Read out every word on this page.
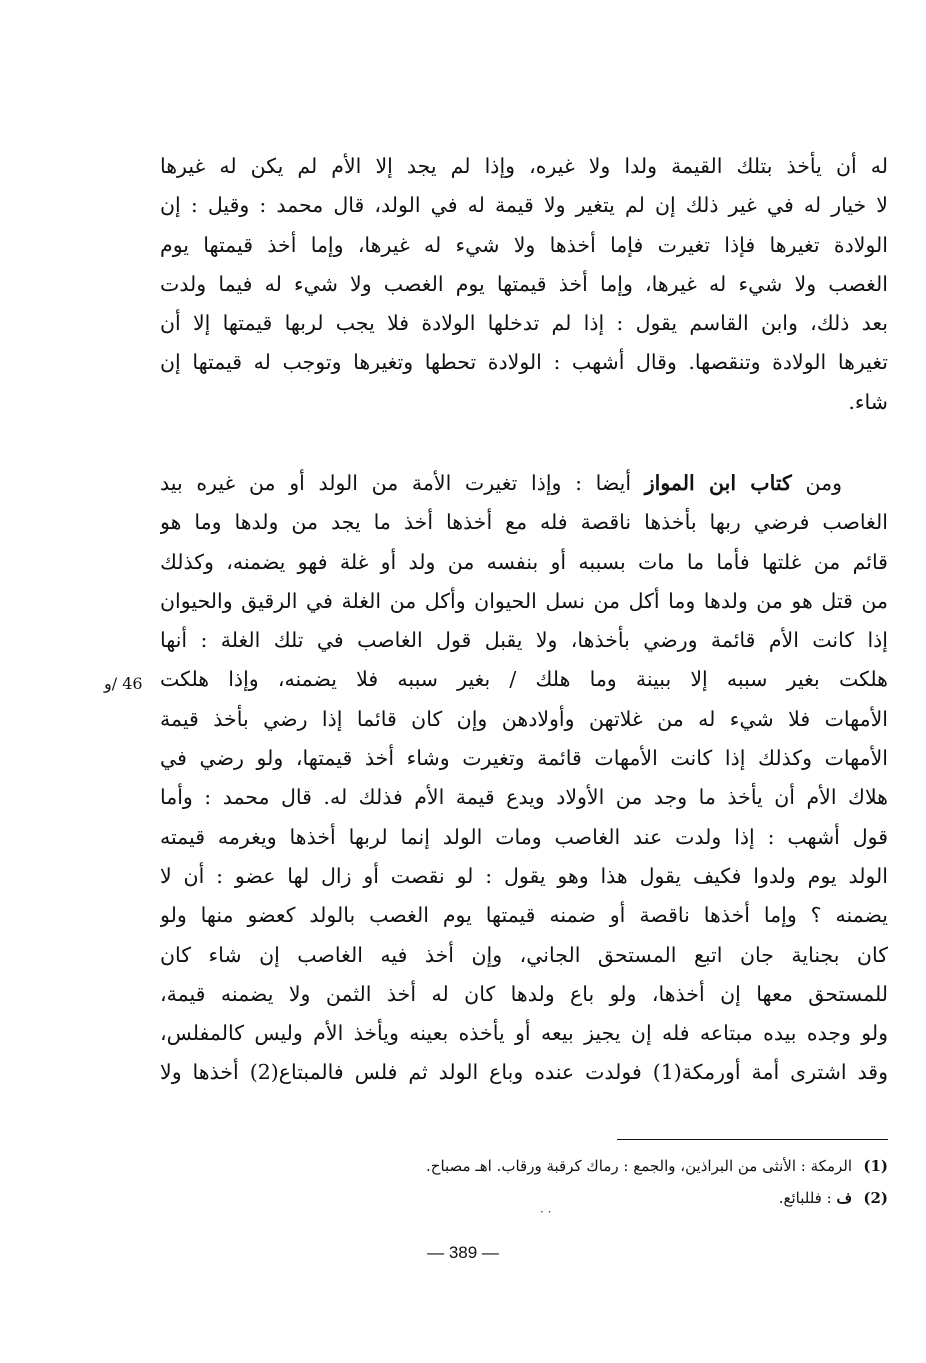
له أن يأخذ بتلك القيمة ولدا ولا غيره، وإذا لم يجد إلا الأم لم يكن له غيرها
لا خيار له في غير ذلك إن لم يتغير ولا قيمة له في الولد، قال محمد : وقيل : إن
الولادة تغيرها فإذا تغيرت فإما أخذها ولا شيء له غيرها، وإما أخذ قيمتها يوم
الغصب ولا شيء له غيرها، وإما أخذ قيمتها يوم الغصب ولا شيء له فيما ولدت
بعد ذلك، وابن القاسم يقول : إذا لم تدخلها الولادة فلا يجب لربها قيمتها إلا أن
تغيرها الولادة وتنقصها. وقال أشهب : الولادة تحطها وتغيرها وتوجب له قيمتها إن
شاء.
ومن كتاب ابن المواز أيضا : وإذا تغيرت الأمة من الولد أو من غيره بيد
الغاصب فرضي ربها بأخذها ناقصة فله مع أخذها أخذ ما يجد من ولدها وما هو
قائم من غلتها فأما ما مات بسببه أو بنفسه من ولد أو غلة فهو يضمنه، وكذلك
من قتل هو من ولدها وما أكل من نسل الحيوان وأكل من الغلة في الرقيق والحيوان
إذا كانت الأم قائمة ورضي بأخذها، ولا يقبل قول الغاصب في تلك الغلة : أنها
هلكت بغير سببه إلا ببينة وما هلك / بغير سببه فلا يضمنه، وإذا هلكت
الأمهات فلا شيء له من غلاتهن وأولادهن وإن كان قائما إذا رضي بأخذ قيمة
الأمهات وكذلك إذا كانت الأمهات قائمة وتغيرت وشاء أخذ قيمتها، ولو رضي في
هلاك الأم أن يأخذ ما وجد من الأولاد ويدع قيمة الأم فذلك له. قال محمد : وأما
قول أشهب : إذا ولدت عند الغاصب ومات الولد إنما لربها أخذها ويغرمه قيمته
الولد يوم ولدوا فكيف يقول هذا وهو يقول : لو نقصت أو زال لها عضو : أن لا
يضمنه ؟ وإما أخذها ناقصة أو ضمنه قيمتها يوم الغصب بالولد كعضو منها ولو
كان بجناية جان اتبع المستحق الجاني، وإن أخذ فيه الغاصب إن شاء كان
للمستحق معها إن أخذها، ولو باع ولدها كان له أخذ الثمن ولا يضمنه قيمة،
ولو وجده بيده مبتاعه فله إن يجيز بيعه أو يأخذه بعينه ويأخذ الأم وليس كالمفلس،
وقد اشترى أمة أورمكة(1) فولدت عنده وباع الولد ثم فلس فالمبتاع(2) أخذها ولا
46 /و
(1)الرمكة : الأنثى من البراذين، والجمع : رماك كرقبة ورقاب. اهـ مصباح.
(2)ف : فللبائع.
· ·
— 389 —
